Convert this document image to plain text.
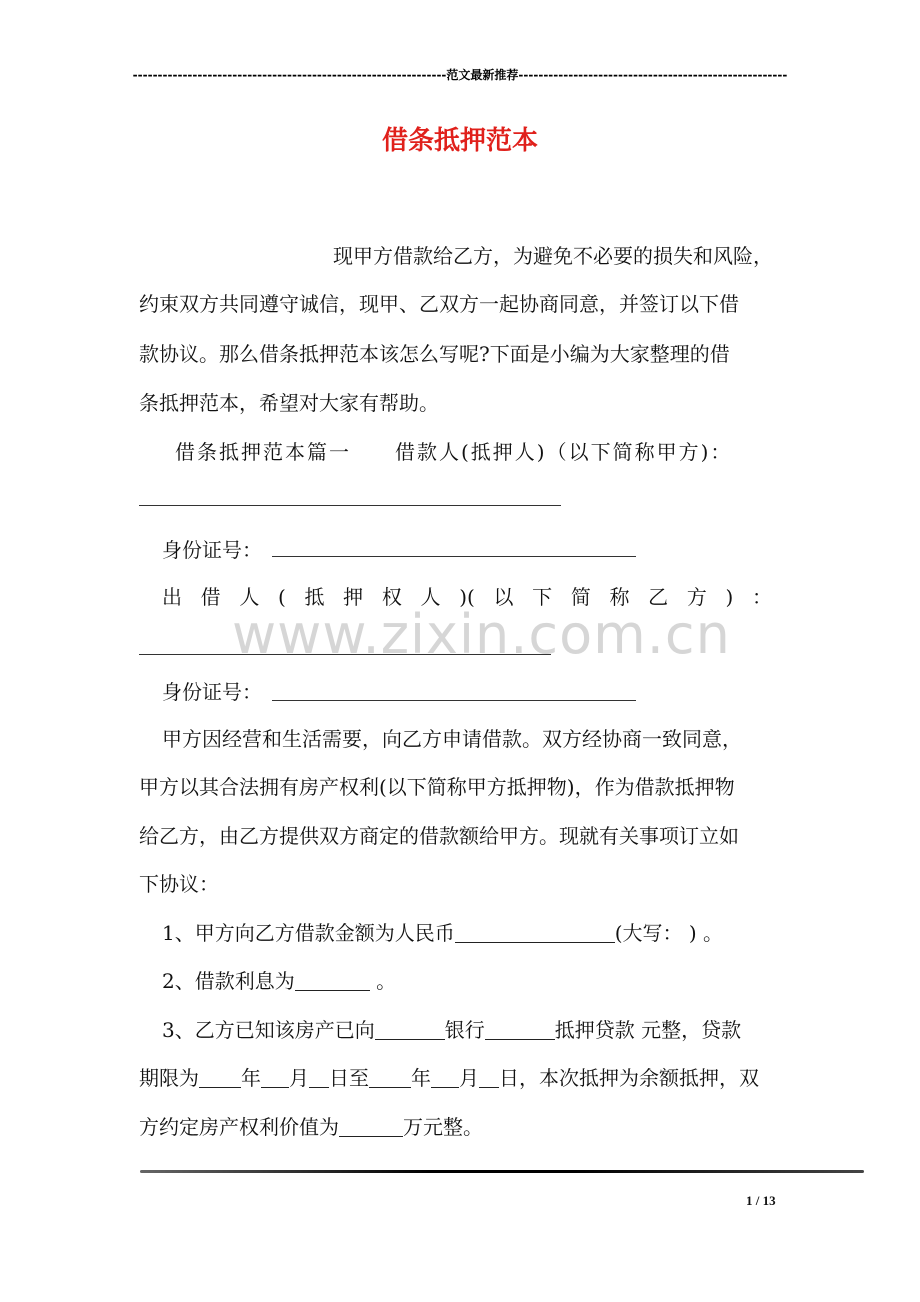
---------------------------------------------------------------范文最新推荐------------------------------------------------------
借条抵押范本
现甲方借款给乙方，为避免不必要的损失和风险，
约束双方共同遵守诚信，现甲、乙双方一起协商同意，并签订以下借
款协议。那么借条抵押范本该怎么写呢?下面是小编为大家整理的借
条抵押范本，希望对大家有帮助。
借条抵押范本篇一   借款人(抵押人)（以下简称甲方)：
身份证号：
出借人(抵押权人)(以下简称乙方)：
www.zixin.com.cn
身份证号：
甲方因经营和生活需要，向乙方申请借款。双方经协商一致同意，
甲方以其合法拥有房产权利(以下简称甲方抵押物)，作为借款抵押物
给乙方，由乙方提供双方商定的借款额给甲方。现就有关事项订立如
下协议：
1、甲方向乙方借款金额为人民币	(大写： ) 。
2、借款利息为	。
3、乙方已知该房产已向	银行	抵押贷款 元整，贷款
期限为 年 月 日至 年 月 日，本次抵押为余额抵押，双
方约定房产权利价值为	万元整。
1 / 13
